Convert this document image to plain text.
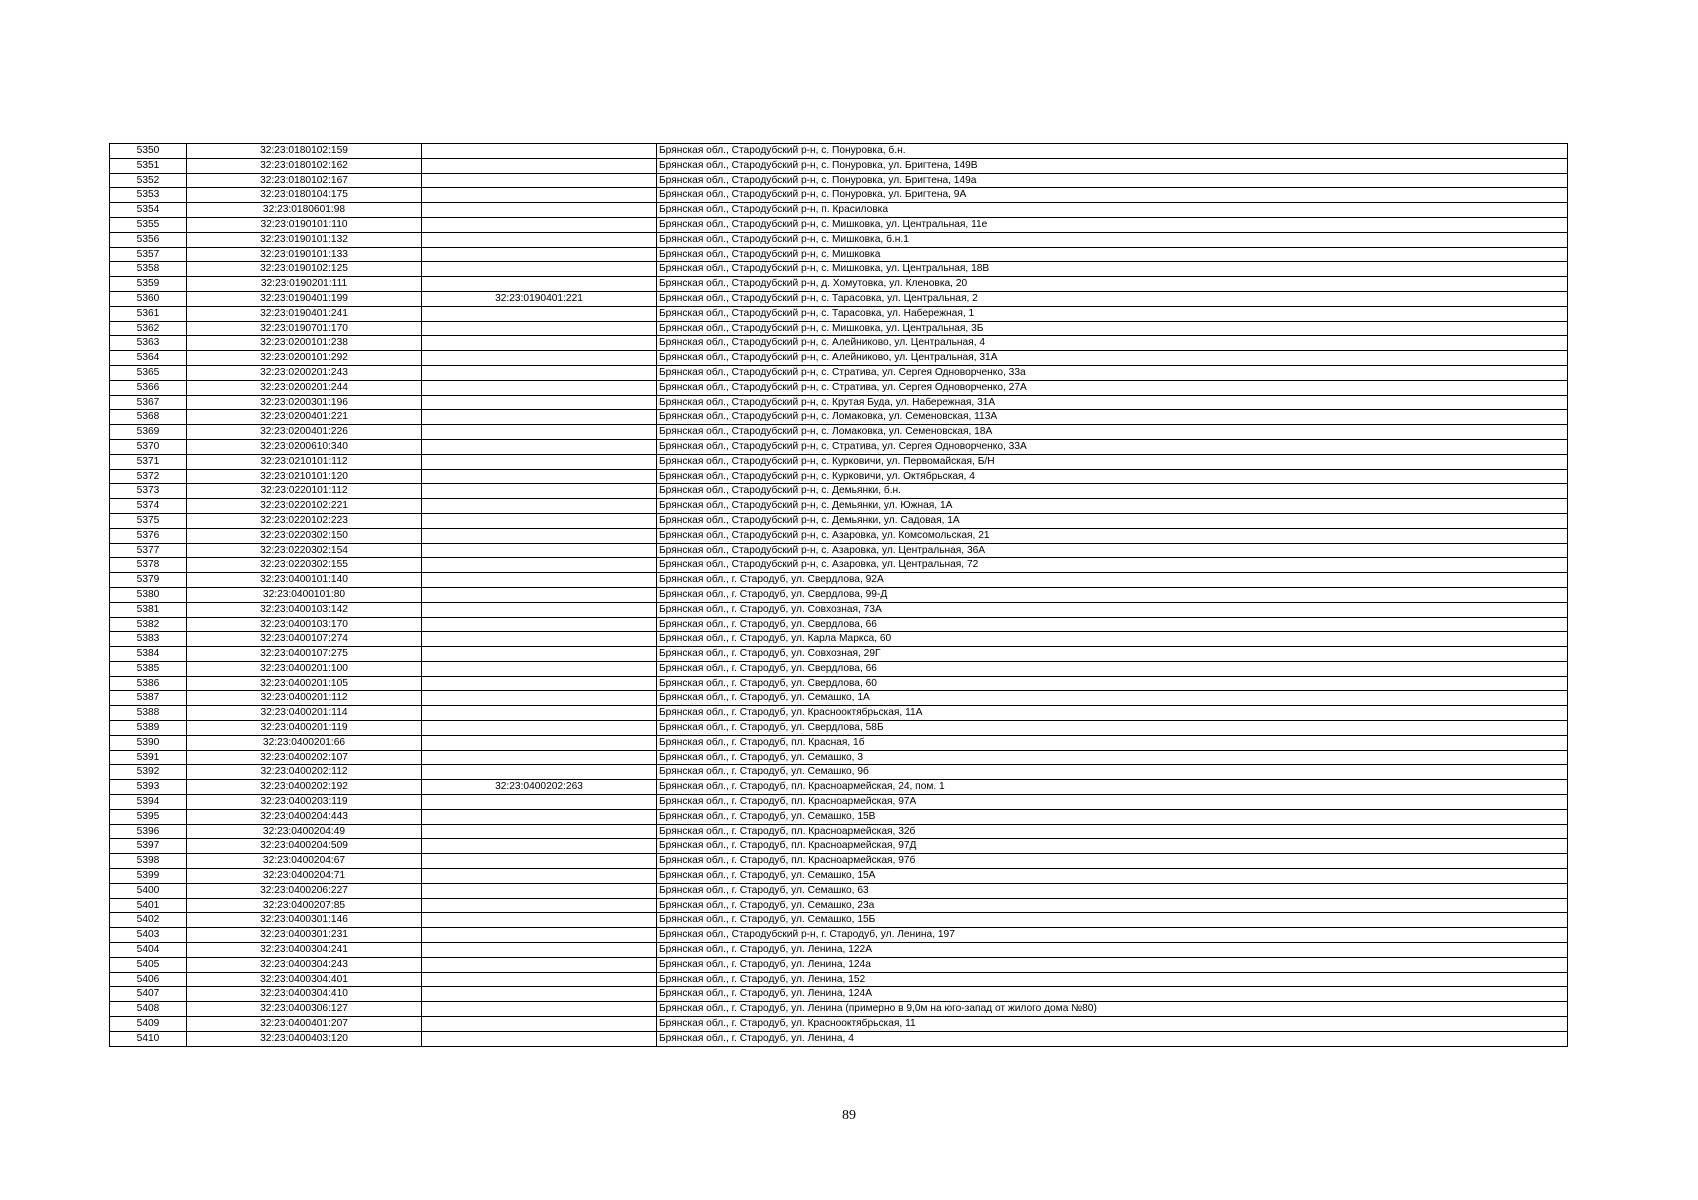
5350	32:23:0180102:159		Брянская обл., Стародубский р-н, с. Понуровка, б.н.
5351	32:23:0180102:162		Брянская обл., Стародубский р-н, с. Понуровка, ул. Бригтена, 149В
5352	32:23:0180102:167		Брянская обл., Стародубский р-н, с. Понуровка, ул. Бригтена, 149а
5353	32:23:0180104:175		Брянская обл., Стародубский р-н, с. Понуровка, ул. Бригтена, 9А
5354	32:23:0180601:98		Брянская обл., Стародубский р-н, п. Красиловка
5355	32:23:0190101:110		Брянская обл., Стародубский р-н, с. Мишковка, ул. Центральная, 11е
5356	32:23:0190101:132		Брянская обл., Стародубский р-н, с. Мишковка, б.н.1
5357	32:23:0190101:133		Брянская обл., Стародубский р-н, с. Мишковка
5358	32:23:0190102:125		Брянская обл., Стародубский р-н, с. Мишковка, ул. Центральная, 18В
5359	32:23:0190201:111		Брянская обл., Стародубский р-н, д. Хомутовка, ул. Кленовка, 20
5360	32:23:0190401:199	32:23:0190401:221	Брянская обл., Стародубский р-н, с. Тарасовка, ул. Центральная, 2
5361	32:23:0190401:241		Брянская обл., Стародубский р-н, с. Тарасовка, ул. Набережная, 1
5362	32:23:0190701:170		Брянская обл., Стародубский р-н, с. Мишковка, ул. Центральная, 3Б
5363	32:23:0200101:238		Брянская обл., Стародубский р-н, с. Алейниково, ул. Центральная, 4
5364	32:23:0200101:292		Брянская обл., Стародубский р-н, с. Алейниково, ул. Центральная, 31А
5365	32:23:0200201:243		Брянская обл., Стародубский р-н, с. Стратива, ул. Сергея Одноворченко, 33а
5366	32:23:0200201:244		Брянская обл., Стародубский р-н, с. Стратива, ул. Сергея Одноворченко, 27А
5367	32:23:0200301:196		Брянская обл., Стародубский р-н, с. Крутая Буда, ул. Набережная, 31А
5368	32:23:0200401:221		Брянская обл., Стародубский р-н, с. Ломаковка, ул. Семеновская, 113А
5369	32:23:0200401:226		Брянская обл., Стародубский р-н, с. Ломаковка, ул. Семеновская, 18А
5370	32:23:0200610:340		Брянская обл., Стародубский р-н, с. Стратива, ул. Сергея Одноворченко, 33А
5371	32:23:0210101:112		Брянская обл., Стародубский р-н, с. Курковичи, ул. Первомайская, Б/Н
5372	32:23:0210101:120		Брянская обл., Стародубский р-н, с. Курковичи, ул. Октябрьская, 4
5373	32:23:0220101:112		Брянская обл., Стародубский р-н, с. Демьянки, б.н.
5374	32:23:0220102:221		Брянская обл., Стародубский р-н, с. Демьянки, ул. Южная, 1А
5375	32:23:0220102:223		Брянская обл., Стародубский р-н, с. Демьянки, ул. Садовая, 1А
5376	32:23:0220302:150		Брянская обл., Стародубский р-н, с. Азаровка, ул. Комсомольская, 21
5377	32:23:0220302:154		Брянская обл., Стародубский р-н, с. Азаровка, ул. Центральная, 36А
5378	32:23:0220302:155		Брянская обл., Стародубский р-н, с. Азаровка, ул. Центральная, 72
5379	32:23:0400101:140		Брянская обл., г. Стародуб, ул. Свердлова, 92А
5380	32:23:0400101:80		Брянская обл., г. Стародуб, ул. Свердлова, 99-Д
5381	32:23:0400103:142		Брянская обл., г. Стародуб, ул. Совхозная, 73А
5382	32:23:0400103:170		Брянская обл., г. Стародуб, ул. Свердлова, 66
5383	32:23:0400107:274		Брянская обл., г. Стародуб, ул. Карла Маркса, 60
5384	32:23:0400107:275		Брянская обл., г. Стародуб, ул. Совхозная, 29Г
5385	32:23:0400201:100		Брянская обл., г. Стародуб, ул. Свердлова, 66
5386	32:23:0400201:105		Брянская обл., г. Стародуб, ул. Свердлова, 60
5387	32:23:0400201:112		Брянская обл., г. Стародуб, ул. Семашко, 1А
5388	32:23:0400201:114		Брянская обл., г. Стародуб, ул. Краснооктябрьская, 11А
5389	32:23:0400201:119		Брянская обл., г. Стародуб, ул. Свердлова, 58Б
5390	32:23:0400201:66		Брянская обл., г. Стародуб, пл. Красная, 1б
5391	32:23:0400202:107		Брянская обл., г. Стародуб, ул. Семашко, 3
5392	32:23:0400202:112		Брянская обл., г. Стародуб, ул. Семашко, 9б
5393	32:23:0400202:192	32:23:0400202:263	Брянская обл., г. Стародуб, пл. Красноармейская, 24, пом. 1
5394	32:23:0400203:119		Брянская обл., г. Стародуб, пл. Красноармейская, 97А
5395	32:23:0400204:443		Брянская обл., г. Стародуб, ул. Семашко, 15В
5396	32:23:0400204:49		Брянская обл., г. Стародуб, пл. Красноармейская, 32б
5397	32:23:0400204:509		Брянская обл., г. Стародуб, пл. Красноармейская, 97Д
5398	32:23:0400204:67		Брянская обл., г. Стародуб, пл. Красноармейская, 97б
5399	32:23:0400204:71		Брянская обл., г. Стародуб, ул. Семашко, 15А
5400	32:23:0400206:227		Брянская обл., г. Стародуб, ул. Семашко, 63
5401	32:23:0400207:85		Брянская обл., г. Стародуб, ул. Семашко, 23а
5402	32:23:0400301:146		Брянская обл., г. Стародуб, ул. Семашко, 15Б
5403	32:23:0400301:231		Брянская обл., Стародубский р-н, г. Стародуб, ул. Ленина, 197
5404	32:23:0400304:241		Брянская обл., г. Стародуб, ул. Ленина, 122А
5405	32:23:0400304:243		Брянская обл., г. Стародуб, ул. Ленина, 124а
5406	32:23:0400304:401		Брянская обл., г. Стародуб, ул. Ленина, 152
5407	32:23:0400304:410		Брянская обл., г. Стародуб, ул. Ленина, 124А
5408	32:23:0400306:127		Брянская обл., г. Стародуб, ул. Ленина (примерно в 9,0м на юго-запад от жилого дома №80)
5409	32:23:0400401:207		Брянская обл., г. Стародуб, ул. Краснооктябрьская, 11
5410	32:23:0400403:120		Брянская обл., г. Стародуб, ул. Ленина, 4
89
